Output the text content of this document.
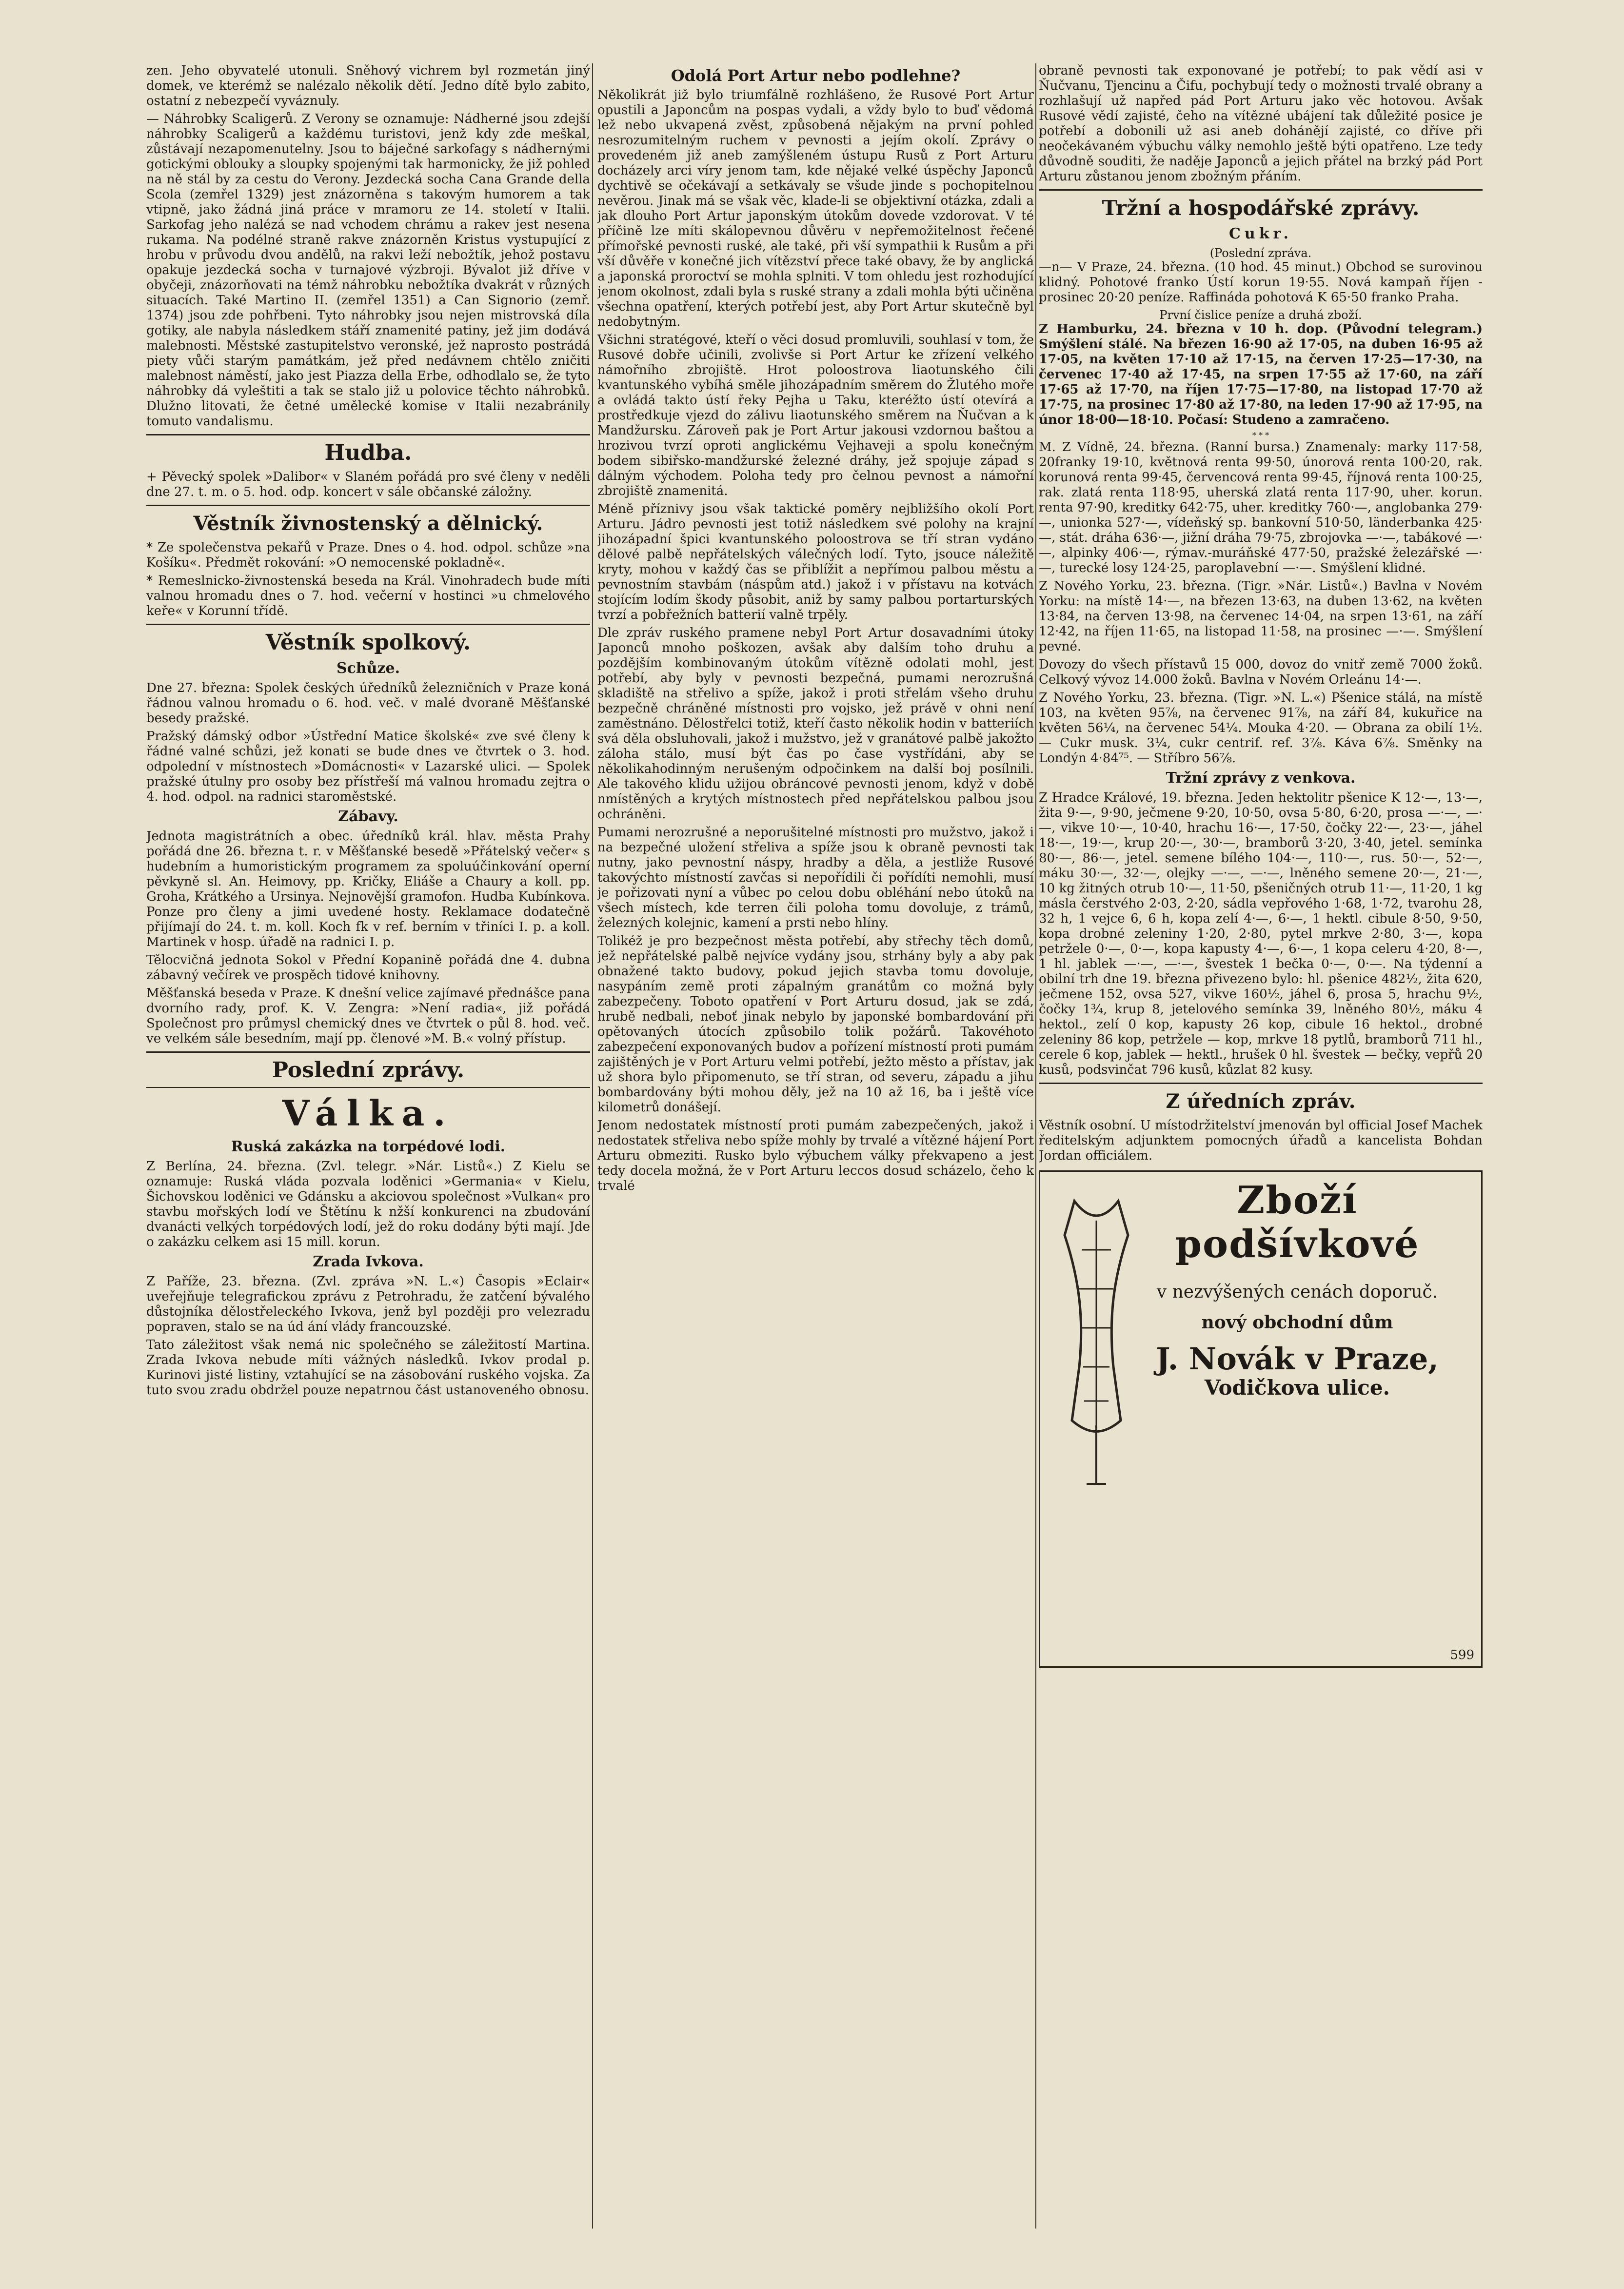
zen. Jeho obyvatelé utonuli. Sněhový vichrem byl rozmetán jiný domek, ve kterémž se nalézalo několik dětí. Jedno dítě bylo zabito, ostatní z nebezpečí vyváznuly.

— Náhrobky Scaligerů. Z Verony se oznamuje: Nádherné jsou zdejší náhrobky Scaligerů a každému turistovi, jenž kdy zde meškal, zůstávají nezapomenutelny. Jsou to báječné sarkofagy s nádhernými gotickými oblouky a sloupky spojenými tak harmonicky, že již pohled na ně stál by za cestu do Verony. Jezdecká socha Cana Grande della Scola (zemřel 1329) jest znázorněna s takovým humorem a tak vtipně, jako žádná jiná práce v mramoru ze 14. století v Italii. Sarkofag jeho nalézá se nad vchodem chrámu a rakev jest nesena rukama. Na podélné straně rakve znázorněn Kristus vystupující z hrobu v průvodu dvou andělů, na rakvi leží nebožtík, jehož postavu opakuje jezdecká socha v turnajové výzbroji. Bývalot již dříve v obyčeji, znázorňovati na témž náhrobku nebožtíka dvakrát v různých situacích. Také Martino II. (zemřel 1351) a Can Signorio (zemř. 1374) jsou zde pohřbeni. Tyto náhrobky jsou nejen mistrovská díla gotiky, ale nabyla následkem stáří znamenité patiny, jež jim dodává malebnosti. Městské zastupitelstvo veronské, jež naprosto postrádá piety vůči starým památkám, jež před nedávnem chtělo zničiti malebnost náměstí, jako jest Piazza della Erbe, odhodlalo se, že tyto náhrobky dá vyleštiti a tak se stalo již u polovice těchto náhrobků. Dlužno litovati, že četné umělecké komise v Italii nezabránily tomuto vandalismu.

Hudba.

+ Pěvecký spolek »Dalibor« v Slaném pořádá pro své členy v neděli dne 27. t. m. o 5. hod. odp. koncert v sále občanské záložny.

Věstník živnostenský a dělnický.

* Ze společenstva pekařů v Praze. Dnes o 4. hod. odpol. schůze »na Košíku«. Předmět rokování: »O nemocenské pokladně«.

* Remeslnicko-živnostenská beseda na Král. Vinohradech bude míti valnou hromadu dnes o 7. hod. večerní v hostinci »u chmelového keře« v Korunní třídě.

Věstník spolkový.
Schůze.

Dne 27. března: Spolek českých úředníků železničních v Praze koná řádnou valnou hromadu o 6. hod. več. v malé dvoraně Měšťanské besedy pražské.

Pražský dámský odbor »Ústřední Matice školské« zve své členy k řádné valné schůzi, jež konati se bude dnes ve čtvrtek o 3. hod. odpolední v místnostech »Domácnosti« v Lazarské ulici. — Spolek pražské útulny pro osoby bez přístřeší má valnou hromadu zejtra o 4. hod. odpol. na radnici staroměstské.

Zábavy.

Jednota magistrátních a obec. úředníků král. hlav. města Prahy pořádá dne 26. března t. r. v Měšťanské besedě »Přátelský večer« s hudebním a humoristickým programem za spoluúčinkování operní pěvkyně sl. An. Heimovy, pp. Kričky, Eliáše a Chaury a koll. pp. Groha, Krátkého a Ursinya. Nejnovější gramofon. Hudba Kubínkova. Ponze pro členy a jimi uvedené hosty. Reklamace dodatečně přijímají do 24. t. m. koll. Koch fk v ref. berním v třiníci I. p. a koll. Martinek v hosp. úřadě na radnici I. p.

Tělocvičná jednota Sokol v Přední Kopanině pořádá dne 4. dubna zábavný večírek ve prospěch tidové knihovny.

Měšťanská beseda v Praze. K dnešní velice zajímavé přednášce pana dvorního rady, prof. K. V. Zengra: »Není radia«, již pořádá Společnost pro průmysl chemický dnes ve čtvrtek o půl 8. hod. več. ve velkém sále besedním, mají pp. členové »M. B.« volný přístup.

Poslední zprávy.
Válka.
Ruská zakázka na torpédové lodi.

Z Berlína, 24. března. (Zvl. telegr. »Nár. Listů«.) Z Kielu se oznamuje: Ruská vláda pozvala loděnici »Germania« v Kielu, Šichovskou loděnici ve Gdánsku a akciovou společnost »Vulkan« pro stavbu mořských lodí ve Štětínu k nžší konkurenci na zbudování dvanácti velkých torpédových lodí, jež do roku dodány býti mají. Jde o zakázku celkem asi 15 mill. korun.

Zrada Ivkova.

Z Paříže, 23. března. (Zvl. zpráva »N. L.«) Časopis »Eclair« uveřejňuje telegrafickou zprávu z Petrohradu, že zatčení bývalého důstojníka dělostřeleckého Ivkova, jenž byl později pro velezradu popraven, stalo se na úd ání vlády francouzské.

Tato záležitost však nemá nic společného se záležitostí Martina. Zrada Ivkova nebude míti vážných následků. Ivkov prodal p. Kurinovi jisté listiny, vztahující se na zásobování ruského vojska. Za tuto svou zradu obdržel pouze nepatrnou část ustanoveného obnosu.

Odolá Port Artur nebo podlehne?

Několikrát již bylo triumfálně rozhlášeno, že Rusové Port Artur opustili a Japoncům na pospas vydali, a vždy bylo to buď vědomá lež nebo ukvapená zvěst, způsobená nějakým na první pohled nesrozumitelným ruchem v pevnosti a jejím okolí. Zprávy o provedeném již aneb zamýšleném ústupu Rusů z Port Arturu docházely arci víry jenom tam, kde nějaké velké úspěchy Japonců dychtivě se očekávají a setkávaly se všude jinde s pochopitelnou nevěrou. Jinak má se však věc, klade-li se objektivní otázka, zdali a jak dlouho Port Artur japonským útokům dovede vzdorovat. V té příčině lze míti skálopevnou důvěru v nepřemožitelnost řečené přímořské pevnosti ruské, ale také, při vší sympathii k Rusům a při vší důvěře v konečné jich vítězství přece také obavy, že by anglická a japonská proroctví se mohla splniti. V tom ohledu jest rozhodující jenom okolnost, zdali byla s ruské strany a zdali mohla býti učiněna všechna opatření, kterých potřebí jest, aby Port Artur skutečně byl nedobytným.

Všichni stratégové, kteří o věci dosud promluvili, souhlasí v tom, že Rusové dobře učinili, zvolivše si Port Artur ke zřízení velkého námořního zbrojiště. Hrot poloostrova liaotunského čili kvantunského vybíhá směle jihozápadním směrem do Žlutého moře a ovládá takto ústí řeky Pejha u Taku, kteréžto ústí otevírá a prostředkuje vjezd do zálivu liaotunského směrem na Ňučvan a k Mandžursku. Zároveň pak je Port Artur jakousi vzdornou baštou a hrozivou tvrzí oproti anglickému Vejhaveji a spolu konečným bodem sibiřsko-mandžurské železné dráhy, jež spojuje západ s dálným východem. Poloha tedy pro čelnou pevnost a námořní zbrojiště znamenitá.

Méně příznivy jsou však taktické poměry nejbližšího okolí Port Arturu. Jádro pevnosti jest totiž následkem své polohy na krajní jihozápadní špici kvantunského poloostrova se tří stran vydáno dělové palbě nepřátelských válečných lodí. Tyto, jsouce náležitě kryty, mohou v každý čas se přiblížit a nepřímou palbou městu a pevnostním stavbám (náspům atd.) jakož i v přístavu na kotvách stojícím lodím škody působit, aniž by samy palbou portarturských tvrzí a pobřežních batterií valně trpěly.

Dle zpráv ruského pramene nebyl Port Artur dosavadními útoky Japonců mnoho poškozen, avšak aby dalším toho druhu a pozdějším kombinovaným útokům vítězně odolati mohl, jest potřebí, aby byly v pevnosti bezpečná, pumami nerozrušná skladiště na střelivo a spíže, jakož i proti střelám všeho druhu bezpečně chráněné místnosti pro vojsko, jež právě v ohni není zaměstnáno. Dělostřelci totiž, kteří často několik hodin v batteriích svá děla obsluhovali, jakož i mužstvo, jež v granátové palbě jakožto záloha stálo, musí být čas po čase vystřídáni, aby se několikahodinným nerušeným odpočinkem na další boj posílnili. Ale takového klidu užijou obráncové pevnosti jenom, když v době nmístěných a krytých místnostech před nepřátelskou palbou jsou ochráněni.

Pumami nerozrušné a neporušitelné místnosti pro mužstvo, jakož i na bezpečné uložení střeliva a spíže jsou k obraně pevnosti tak nutny, jako pevnostní náspy, hradby a děla, a jestliže Rusové takovýchto místností zavčas si nepořídili či pořídíti nemohli, musí je pořizovati nyní a vůbec po celou dobu obléhání nebo útoků na všech místech, kde terren čili poloha tomu dovoluje, z trámů, železných kolejnic, kamení a prsti nebo hlíny.

Tolikéž je pro bezpečnost města potřebí, aby střechy těch domů, jež nepřátelské palbě nejvíce vydány jsou, strhány byly a aby pak obnažené takto budovy, pokud jejich stavba tomu dovoluje, nasypáním země proti zápalným granátům co možná byly zabezpečeny. Toboto opatření v Port Arturu dosud, jak se zdá, hrubě nedbali, neboť jinak nebylo by japonské bombardování při opětovaných útocích způsobilo tolik požárů. Takovéhoto zabezpečení exponovaných budov a pořízení místností proti pumám zajištěných je v Port Arturu velmi potřebí, ježto město a přístav, jak už shora bylo připomenuto, se tří stran, od severu, západu a jihu bombardovány býti mohou děly, jež na 10 až 16, ba i ještě více kilometrů donášejí.

Jenom nedostatek místností proti pumám zabezpečených, jakož i nedostatek střeliva nebo spíže mohly by trvalé a vítězné hájení Port Arturu obmeziti. Rusko bylo výbuchem války překvapeno a jest tedy docela možná, že v Port Arturu leccos dosud scházelo, čeho k trvalé

obraně pevnosti tak exponované je potřebí; to pak vědí asi v Ňučvanu, Tjencinu a Čifu, pochybují tedy o možnosti trvalé obrany a rozhlašují už napřed pád Port Arturu jako věc hotovou. Avšak Rusové vědí zajisté, čeho na vítězné ubájení tak důležité posice je potřebí a dobonili už asi aneb dohánějí zajisté, co dříve při neočekávaném výbuchu války nemohlo ještě býti opatřeno. Lze tedy důvodně souditi, že naděje Japonců a jejich přátel na brzký pád Port Arturu zůstanou jenom zbožným přáním.

Tržní a hospodářské zprávy.
Cukr.
(Poslední zpráva.

—n— V Praze, 24. března. (10 hod. 45 minut.) Obchod se surovinou klidný. Pohotové franko Ústí korun 19·55. Nová kampaň říjen - prosinec 20·20 peníze. Raffináda pohotová K 65·50 franko Praha.

První čislice peníze a druhá zboží.

Z Hamburku, 24. března v 10 h. dop. (Původní telegram.) Smýšlení stálé. Na březen 16·90 až 17·05, na duben 16·95 až 17·05, na květen 17·10 až 17·15, na červen 17·25—17·30, na červenec 17·40 až 17·45, na srpen 17·55 až 17·60, na září 17·65 až 17·70, na říjen 17·75—17·80, na listopad 17·70 až 17·75, na prosinec 17·80 až 17·80, na leden 17·90 až 17·95, na únor 18·00—18·10. Počasí: Studeno a zamračeno.

* * *

M. Z Vídně, 24. března. (Ranní bursa.) Znamenaly: marky 117·58, 20franky 19·10, květnová renta 99·50, únorová renta 100·20, rak. korunová renta 99·45, červencová renta 99·45, říjnová renta 100·25, rak. zlatá renta 118·95, uherská zlatá renta 117·90, uher. korun. renta 97·90, kreditky 642·75, uher. kreditky 760·—, anglobanka 279·—, unionka 527·—, vídeňský sp. bankovní 510·50, länderbanka 425·—, stát. dráha 636·—, jižní dráha 79·75, zbrojovka —·—, tabákové —·—, alpinky 406·—, rýmav.-muráňské 477·50, pražské železářské —·—, turecké losy 124·25, paroplavební —·—. Smýšlení klidné.

Z Nového Yorku, 23. března. (Tigr. »Nár. Listů«.) Bavlna v Novém Yorku: na místě 14·—, na březen 13·63, na duben 13·62, na květen 13·84, na červen 13·98, na červenec 14·04, na srpen 13·61, na září 12·42, na říjen 11·65, na listopad 11·58, na prosinec —·—. Smýšlení pevné.

Dovozy do všech přístavů 15 000, dovoz do vnitř země 7000 žoků. Celkový vývoz 14.000 žoků. Bavlna v Novém Orleánu 14·—.

Z Nového Yorku, 23. března. (Tigr. »N. L.«) Pšenice stálá, na místě 103, na květen 95⅞, na červenec 91⅞, na září 84, kukuřice na květen 56¼, na červenec 54¼. Mouka 4·20. — Obrana za obilí 1½. — Cukr musk. 3¼, cukr centrif. ref. 3⅞. Káva 6⅞. Směnky na Londýn 4·84⁷⁵. — Stříbro 56⅞.

Tržní zprávy z venkova.

Z Hradce Králové, 19. března. Jeden hektolitr pšenice K 12·—, 13·—, žita 9·—, 9·90, ječmene 9·20, 10·50, ovsa 5·80, 6·20, prosa —·—, —·—, vikve 10·—, 10·40, hrachu 16·—, 17·50, čočky 22·—, 23·—, jáhel 18·—, 19·—, krup 20·—, 30·—, bramborů 3·20, 3·40, jetel. semínka 80·—, 86·—, jetel. semene bílého 104·—, 110·—, rus. 50·—, 52·—, máku 30·—, 32·—, olejky —·—, —·—, lněného semene 20·—, 21·—, 10 kg žitných otrub 10·—, 11·50, pšeničných otrub 11·—, 11·20, 1 kg másla čerstvého 2·03, 2·20, sádla vepřového 1·68, 1·72, tvarohu 28, 32 h, 1 vejce 6, 6 h, kopa zelí 4·—, 6·—, 1 hektl. cibule 8·50, 9·50, kopa drobné zeleniny 1·20, 2·80, pytel mrkve 2·80, 3·—, kopa petržele 0·—, 0·—, kopa kapusty 4·—, 6·—, 1 kopa celeru 4·20, 8·—, 1 hl. jablek —·—, —·—, švestek 1 bečka 0·—, 0·—. Na týdenní a obilní trh dne 19. března přivezeno bylo: hl. pšenice 482½, žita 620, ječmene 152, ovsa 527, vikve 160½, jáhel 6, prosa 5, hrachu 9½, čočky 1¾, krup 8, jetelového semínka 39, lněného 80½, máku 4 hektol., zelí 0 kop, kapusty 26 kop, cibule 16 hektol., drobné zeleniny 86 kop, petržele — kop, mrkve 18 pytlů, bramborů 711 hl., cerele 6 kop, jablek — hektl., hrušek 0 hl. švestek — bečky, vepřů 20 kusů, podsvinčat 796 kusů, kůzlat 82 kusy.

Z úředních zpráv.

Věstník osobní. U místodržitelství jmenován byl official Josef Machek ředitelským adjunktem pomocných úřadů a kancelista Bohdan Jordan officiálem.

Zboží podšívkové
v nezvýšených cenách doporuč.
nový obchodní dům
J. Novák v Praze,
Vodičkova ulice.
599
